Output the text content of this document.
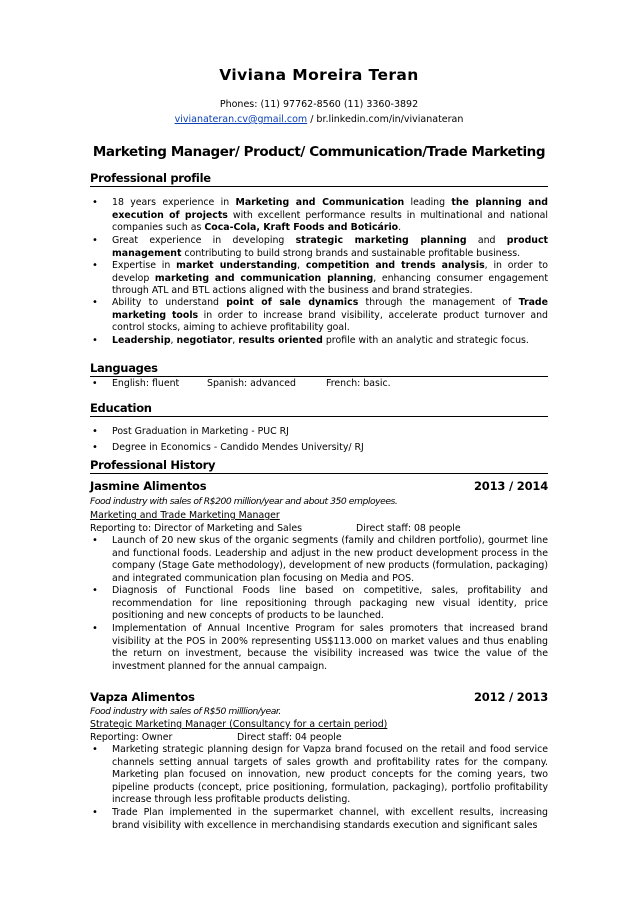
Viviana Moreira Teran
Phones: (11) 97762-8560 (11) 3360-3892
vivianateran.cv@gmail.com / br.linkedin.com/in/vivianateran
Marketing Manager/ Product/ Communication/Trade Marketing
Professional profile
• 18 years experience in Marketing and Communication leading the planning and execution of projects with excellent performance results in multinational and national companies such as Coca-Cola, Kraft Foods and Boticário.
• Great experience in developing strategic marketing planning and product management contributing to build strong brands and sustainable profitable business.
• Expertise in market understanding, competition and trends analysis, in order to develop marketing and communication planning, enhancing consumer engagement through ATL and BTL actions aligned with the business and brand strategies.
• Ability to understand point of sale dynamics through the management of Trade marketing tools in order to increase brand visibility, accelerate product turnover and control stocks, aiming to achieve profitability goal.
• Leadership, negotiator, results oriented profile with an analytic and strategic focus.
Languages
• English: fluent	Spanish: advanced	French: basic.
Education
• Post Graduation in Marketing - PUC RJ
• Degree in Economics - Candido Mendes University/ RJ
Professional History
Jasmine Alimentos	2013 / 2014
Food industry with sales of R$200 million/year and about 350 employees.
Marketing and Trade Marketing Manager
Reporting to: Director of Marketing and Sales	Direct staff: 08 people
• Launch of 20 new skus of the organic segments (family and children portfolio), gourmet line and functional foods. Leadership and adjust in the new product development process in the company (Stage Gate methodology), development of new products (formulation, packaging) and integrated communication plan focusing on Media and POS.
• Diagnosis of Functional Foods line based on competitive, sales, profitability and recommendation for line repositioning through packaging new visual identity, price positioning and new concepts of products to be launched.
• Implementation of Annual Incentive Program for sales promoters that increased brand visibility at the POS in 200% representing US$113.000 on market values and thus enabling the return on investment, because the visibility increased was twice the value of the investment planned for the annual campaign.
Vapza Alimentos	2012 / 2013
Food industry with sales of R$50 milllion/year.
Strategic Marketing Manager (Consultancy for a certain period)
Reporting: Owner	Direct staff: 04 people
• Marketing strategic planning design for Vapza brand focused on the retail and food service channels setting annual targets of sales growth and profitability rates for the company. Marketing plan focused on innovation, new product concepts for the coming years, two pipeline products (concept, price positioning, formulation, packaging), portfolio profitability increase through less profitable products delisting.
• Trade Plan implemented in the supermarket channel, with excellent results, increasing brand visibility with excellence in merchandising standards execution and significant sales
